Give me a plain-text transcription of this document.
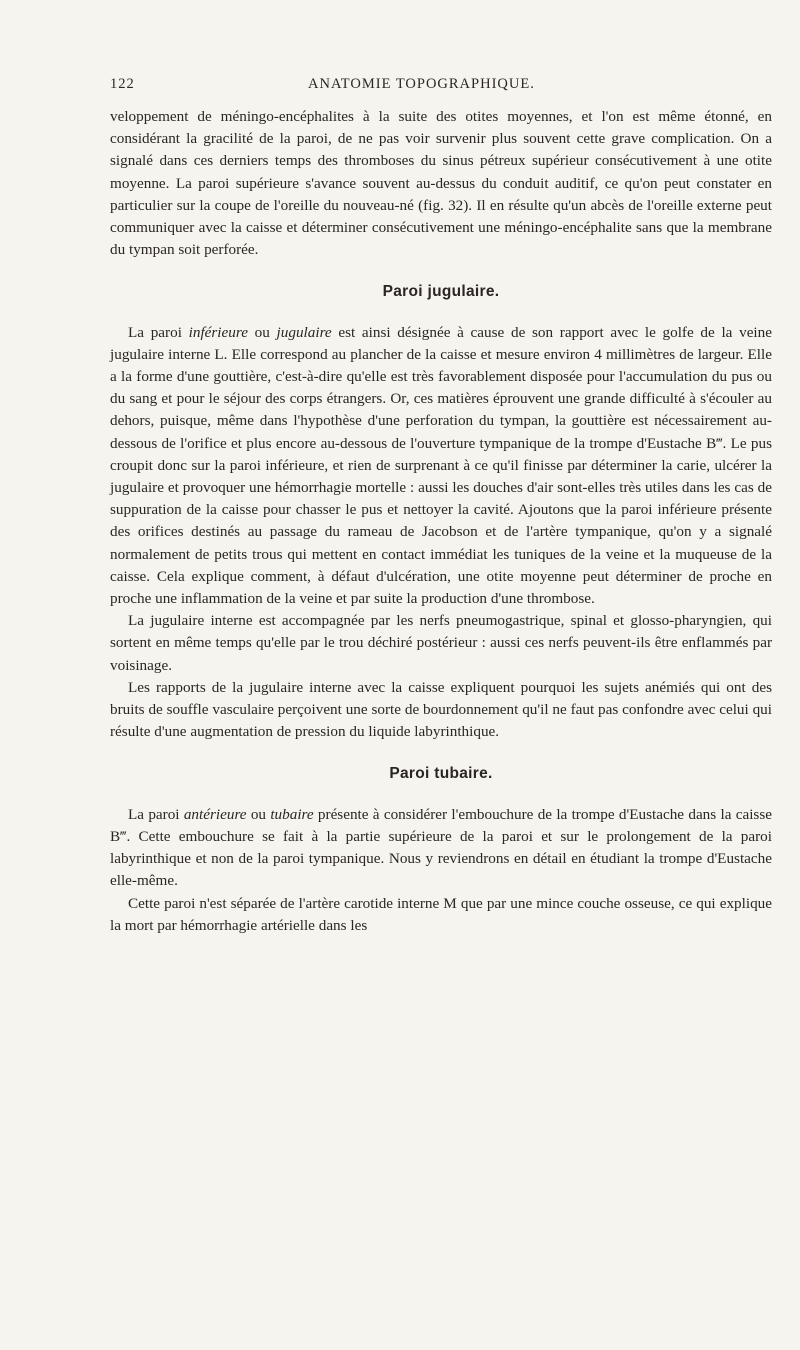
122	ANATOMIE TOPOGRAPHIQUE.

veloppement de méningo-encéphalites à la suite des otites moyennes, et l'on est même étonné, en considérant la gracilité de la paroi, de ne pas voir survenir plus souvent cette grave complication. On a signalé dans ces derniers temps des thromboses du sinus pétreux supérieur consécutivement à une otite moyenne. La paroi supérieure s'avance souvent au-dessus du conduit auditif, ce qu'on peut constater en particulier sur la coupe de l'oreille du nouveau-né (fig. 32). Il en résulte qu'un abcès de l'oreille externe peut communiquer avec la caisse et déterminer consécutivement une méningo-encéphalite sans que la membrane du tympan soit perforée.

Paroi jugulaire.

La paroi inférieure ou jugulaire est ainsi désignée à cause de son rapport avec le golfe de la veine jugulaire interne L. Elle correspond au plancher de la caisse et mesure environ 4 millimètres de largeur. Elle a la forme d'une gouttière, c'est-à-dire qu'elle est très favorablement disposée pour l'accumulation du pus ou du sang et pour le séjour des corps étrangers. Or, ces matières éprouvent une grande difficulté à s'écouler au dehors, puisque, même dans l'hypothèse d'une perforation du tympan, la gouttière est nécessairement au-dessous de l'orifice et plus encore au-dessous de l'ouverture tympanique de la trompe d'Eustache B‴. Le pus croupit donc sur la paroi inférieure, et rien de surprenant à ce qu'il finisse par déterminer la carie, ulcérer la jugulaire et provoquer une hémorrhagie mortelle : aussi les douches d'air sont-elles très utiles dans les cas de suppuration de la caisse pour chasser le pus et nettoyer la cavité. Ajoutons que la paroi inférieure présente des orifices destinés au passage du rameau de Jacobson et de l'artère tympanique, qu'on y a signalé normalement de petits trous qui mettent en contact immédiat les tuniques de la veine et la muqueuse de la caisse. Cela explique comment, à défaut d'ulcération, une otite moyenne peut déterminer de proche en proche une inflammation de la veine et par suite la production d'une thrombose.

La jugulaire interne est accompagnée par les nerfs pneumogastrique, spinal et glosso-pharyngien, qui sortent en même temps qu'elle par le trou déchiré postérieur : aussi ces nerfs peuvent-ils être enflammés par voisinage.

Les rapports de la jugulaire interne avec la caisse expliquent pourquoi les sujets anémiés qui ont des bruits de souffle vasculaire perçoivent une sorte de bourdonnement qu'il ne faut pas confondre avec celui qui résulte d'une augmentation de pression du liquide labyrinthique.

Paroi tubaire.

La paroi antérieure ou tubaire présente à considérer l'embouchure de la trompe d'Eustache dans la caisse B‴. Cette embouchure se fait à la partie supérieure de la paroi et sur le prolongement de la paroi labyrinthique et non de la paroi tympanique. Nous y reviendrons en détail en étudiant la trompe d'Eustache elle-même.

Cette paroi n'est séparée de l'artère carotide interne M que par une mince couche osseuse, ce qui explique la mort par hémorrhagie artérielle dans les
